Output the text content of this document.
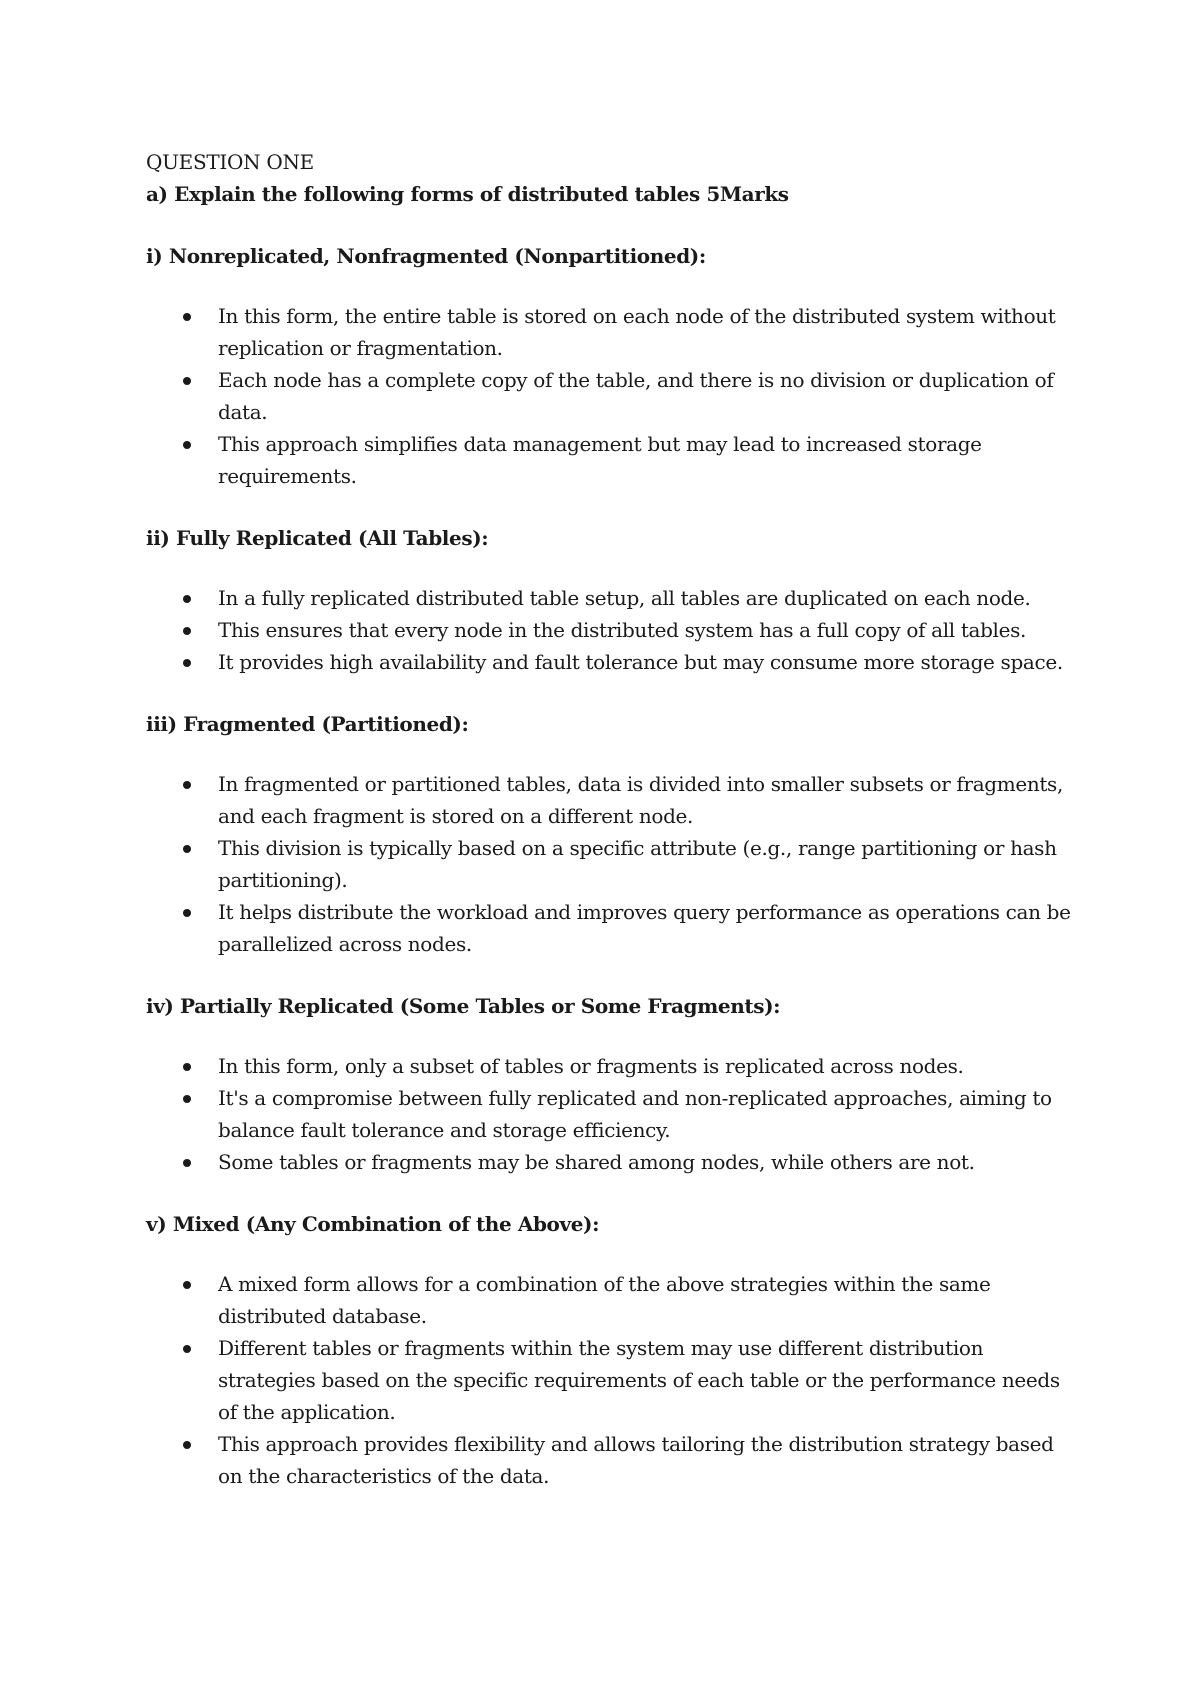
QUESTION ONE

a) Explain the following forms of distributed tables 5Marks

i) Nonreplicated, Nonfragmented (Nonpartitioned):

In this form, the entire table is stored on each node of the distributed system without replication or fragmentation.
Each node has a complete copy of the table, and there is no division or duplication of data.
This approach simplifies data management but may lead to increased storage requirements.

ii) Fully Replicated (All Tables):

In a fully replicated distributed table setup, all tables are duplicated on each node.
This ensures that every node in the distributed system has a full copy of all tables.
It provides high availability and fault tolerance but may consume more storage space.

iii) Fragmented (Partitioned):

In fragmented or partitioned tables, data is divided into smaller subsets or fragments, and each fragment is stored on a different node.
This division is typically based on a specific attribute (e.g., range partitioning or hash partitioning).
It helps distribute the workload and improves query performance as operations can be parallelized across nodes.

iv) Partially Replicated (Some Tables or Some Fragments):

In this form, only a subset of tables or fragments is replicated across nodes.
It's a compromise between fully replicated and non-replicated approaches, aiming to balance fault tolerance and storage efficiency.
Some tables or fragments may be shared among nodes, while others are not.

v) Mixed (Any Combination of the Above):

A mixed form allows for a combination of the above strategies within the same distributed database.
Different tables or fragments within the system may use different distribution strategies based on the specific requirements of each table or the performance needs of the application.
This approach provides flexibility and allows tailoring the distribution strategy based on the characteristics of the data.
